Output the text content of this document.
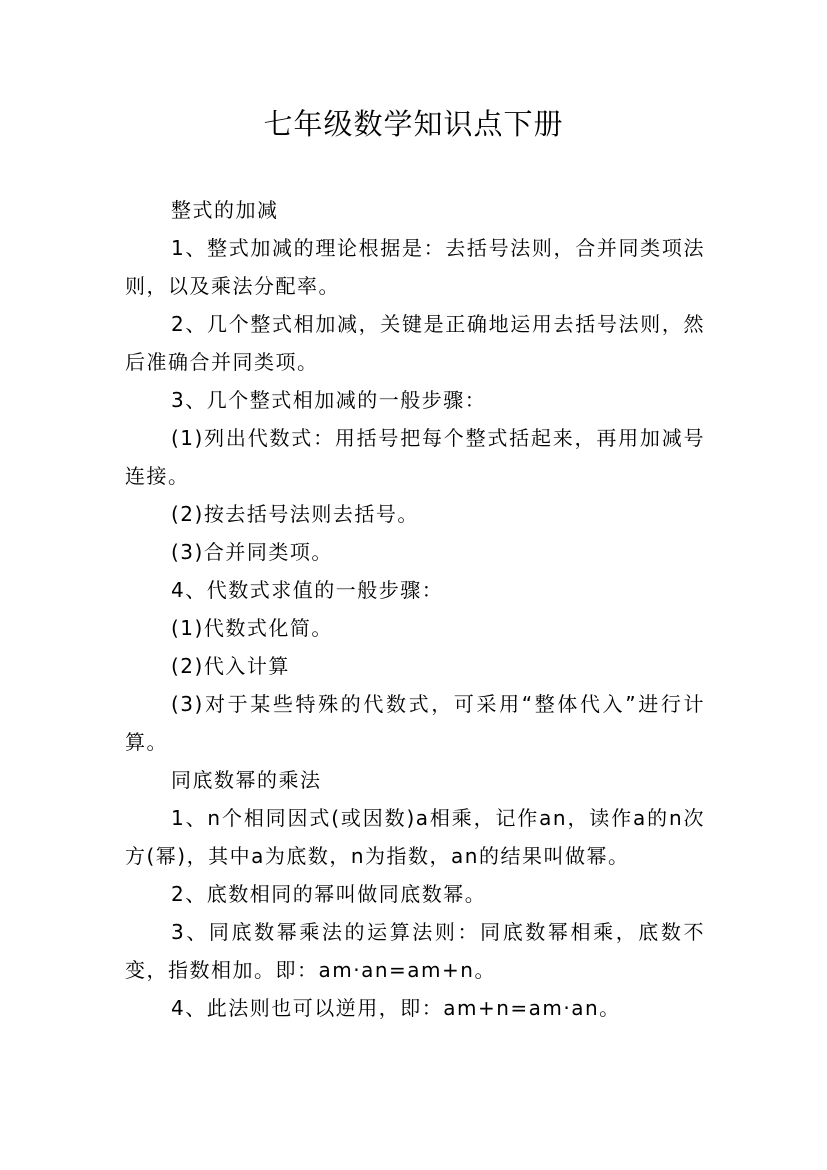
七年级数学知识点下册

整式的加减

1、整式加减的理论根据是：去括号法则，合并同类项法则，以及乘法分配率。

2、几个整式相加减，关键是正确地运用去括号法则，然后准确合并同类项。

3、几个整式相加减的一般步骤：

(1)列出代数式：用括号把每个整式括起来，再用加减号连接。

(2)按去括号法则去括号。

(3)合并同类项。

4、代数式求值的一般步骤：

(1)代数式化简。

(2)代入计算

(3)对于某些特殊的代数式，可采用“整体代入”进行计算。

同底数幂的乘法

1、n个相同因式(或因数)a相乘，记作an，读作a的n次方(幂)，其中a为底数，n为指数，an的结果叫做幂。

2、底数相同的幂叫做同底数幂。

3、同底数幂乘法的运算法则：同底数幂相乘，底数不变，指数相加。即：am·an=am+n。

4、此法则也可以逆用，即：am+n=am·an。
